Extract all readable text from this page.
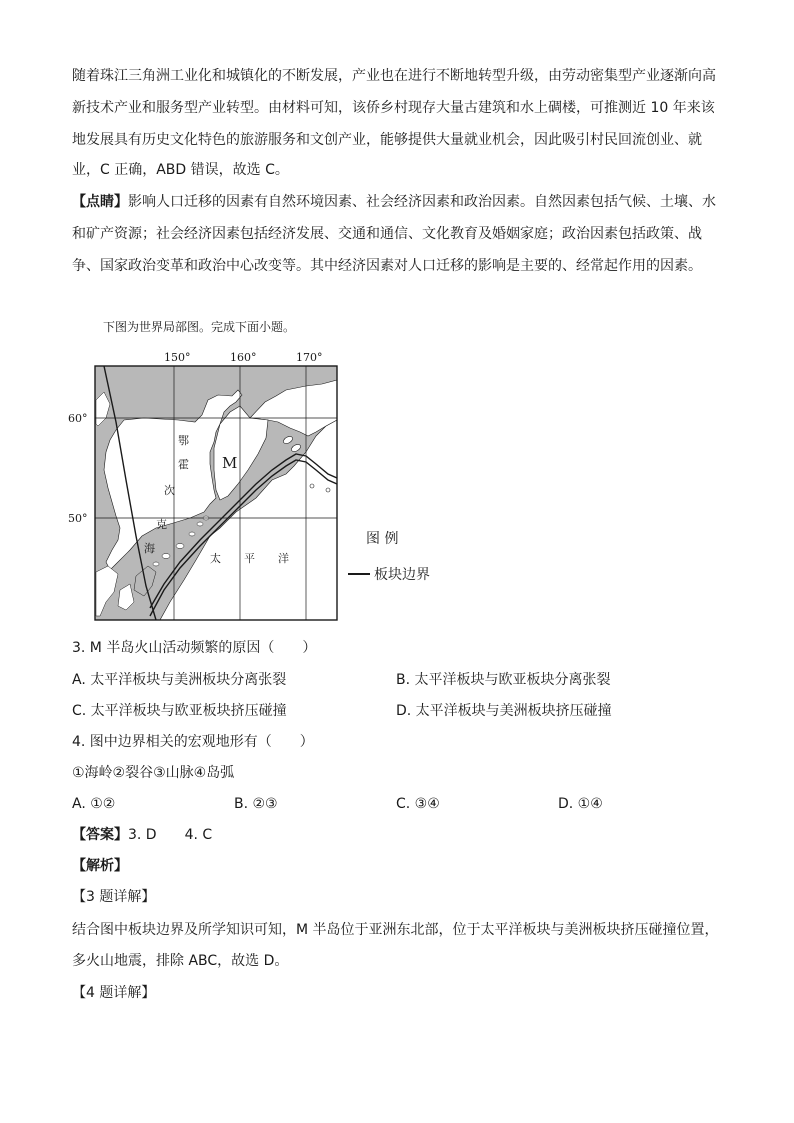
随着珠江三角洲工业化和城镇化的不断发展，产业也在进行不断地转型升级，由劳动密集型产业逐渐向高
新技术产业和服务型产业转型。由材料可知，该侨乡村现存大量古建筑和水上碉楼，可推测近 10 年来该
地发展具有历史文化特色的旅游服务和文创产业，能够提供大量就业机会，因此吸引村民回流创业、就
业，C 正确，ABD 错误，故选 C。
【点睛】影响人口迁移的因素有自然环境因素、社会经济因素和政治因素。自然因素包括气候、土壤、水
和矿产资源；社会经济因素包括经济发展、交通和通信、文化教育及婚姻家庭；政治因素包括政策、战
争、国家政治变革和政治中心改变等。其中经济因素对人口迁移的影响是主要的、经常起作用的因素。
下图为世界局部图。完成下面小题。
150°	160°	170°
60°
50°
鄂
霍
次
克
海
太 平 洋
M
图 例
板块边界
3. M 半岛火山活动频繁的原因（　　）
A. 太平洋板块与美洲板块分离张裂	B. 太平洋板块与欧亚板块分离张裂
C. 太平洋板块与欧亚板块挤压碰撞	D. 太平洋板块与美洲板块挤压碰撞
4. 图中边界相关的宏观地形有（　　）
①海岭②裂谷③山脉④岛弧
A. ①②	B. ②③	C. ③④	D. ①④
【答案】3. D　　4. C
【解析】
【3 题详解】
结合图中板块边界及所学知识可知，M 半岛位于亚洲东北部，位于太平洋板块与美洲板块挤压碰撞位置，
多火山地震，排除 ABC，故选 D。
【4 题详解】
